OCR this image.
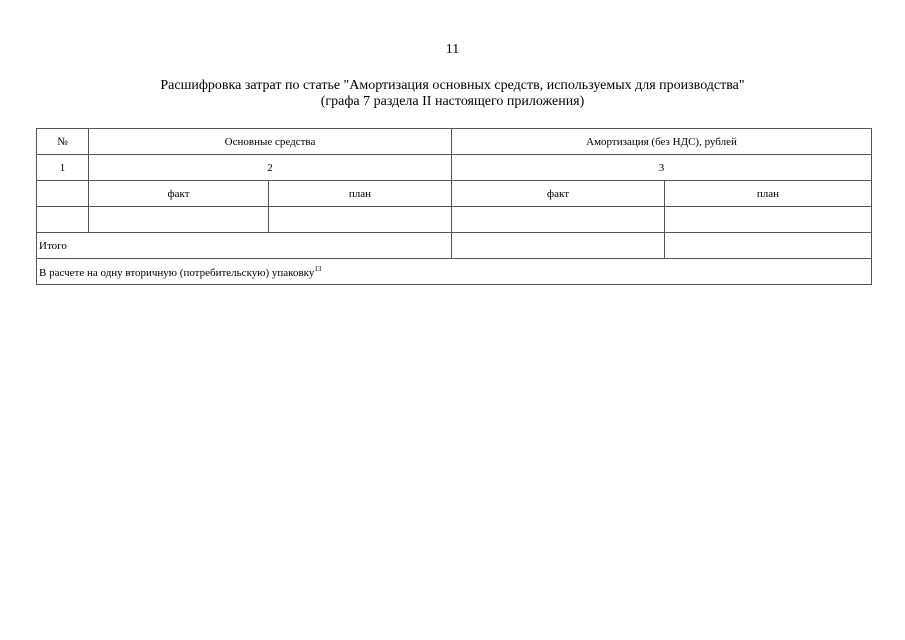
11
Расшифровка затрат по статье "Амортизация основных средств, используемых для производства"
(графа 7 раздела II настоящего приложения)
№	Основные средства		Амортизация (без НДС), рублей	
1	2		3	
	факт	план	факт	план

Итого				
В расчете на одну вторичную (потребительскую) упаковку$^{13}$
